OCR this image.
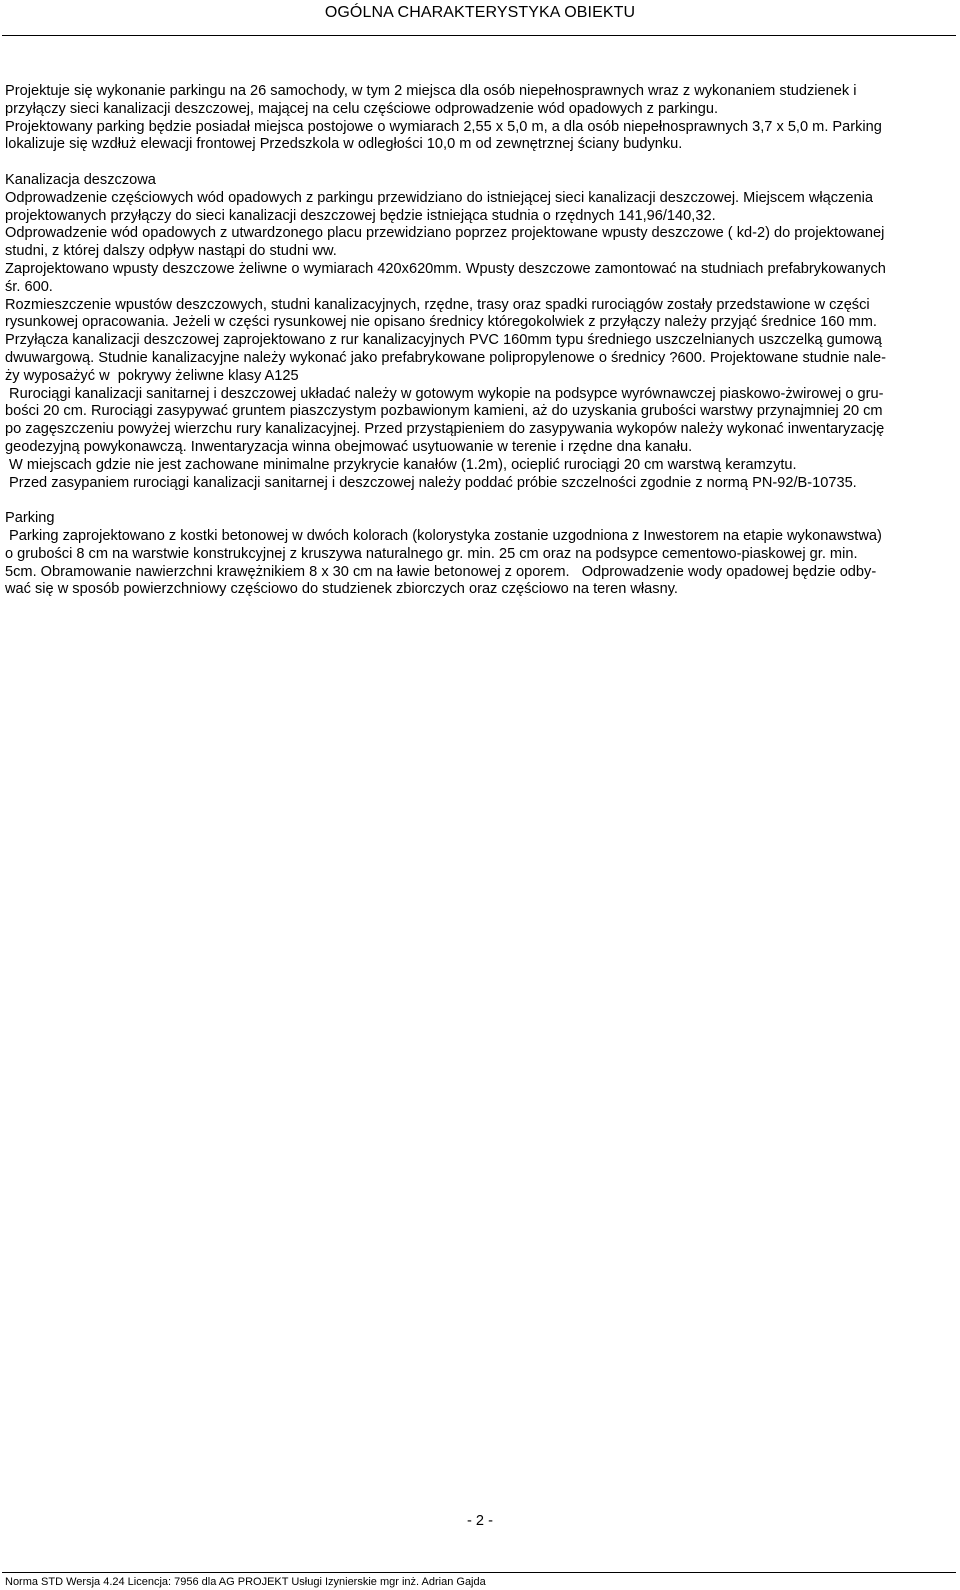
OGÓLNA CHARAKTERYSTYKA OBIEKTU

Projektuje się wykonanie parkingu na 26 samochody, w tym 2 miejsca dla osób niepełnosprawnych wraz z wykonaniem studzienek i

przyłączy sieci kanalizacji deszczowej, mającej na celu częściowe odprowadzenie wód opadowych z parkingu.

Projektowany parking będzie posiadał miejsca postojowe o wymiarach 2,55 x 5,0 m, a dla osób niepełnosprawnych 3,7 x 5,0 m. Parking

lokalizuje się wzdłuż elewacji frontowej Przedszkola w odległości 10,0 m od zewnętrznej ściany budynku.

Kanalizacja deszczowa

Odprowadzenie częściowych wód opadowych z parkingu przewidziano do istniejącej sieci kanalizacji deszczowej. Miejscem włączenia

projektowanych przyłączy do sieci kanalizacji deszczowej będzie istniejąca studnia o rzędnych 141,96/140,32.

Odprowadzenie wód opadowych z utwardzonego placu przewidziano poprzez projektowane wpusty deszczowe ( kd-2) do projektowanej

studni, z której dalszy odpływ nastąpi do studni ww.

Zaprojektowano wpusty deszczowe żeliwne o wymiarach 420x620mm. Wpusty deszczowe zamontować na studniach prefabrykowanych

śr. 600.

Rozmieszczenie wpustów deszczowych, studni kanalizacyjnych, rzędne, trasy oraz spadki rurociągów zostały przedstawione w części

rysunkowej opracowania. Jeżeli w części rysunkowej nie opisano średnicy któregokolwiek z przyłączy należy przyjąć średnice 160 mm.

Przyłącza kanalizacji deszczowej zaprojektowano z rur kanalizacyjnych PVC 160mm typu średniego uszczelnianych uszczelką gumową

dwuwargową. Studnie kanalizacyjne należy wykonać jako prefabrykowane polipropylenowe o średnicy ?600. Projektowane studnie nale-

ży wyposażyć w  pokrywy żeliwne klasy A125

Rurociągi kanalizacji sanitarnej i deszczowej układać należy w gotowym wykopie na podsypce wyrównawczej piaskowo-żwirowej o gru-

bości 20 cm. Rurociągi zasypywać gruntem piaszczystym pozbawionym kamieni, aż do uzyskania grubości warstwy przynajmniej 20 cm

po zagęszczeniu powyżej wierzchu rury kanalizacyjnej. Przed przystąpieniem do zasypywania wykopów należy wykonać inwentaryzację

geodezyjną powykonawczą. Inwentaryzacja winna obejmować usytuowanie w terenie i rzędne dna kanału.

W miejscach gdzie nie jest zachowane minimalne przykrycie kanałów (1.2m), ocieplić rurociągi 20 cm warstwą keramzytu.

Przed zasypaniem rurociągi kanalizacji sanitarnej i deszczowej należy poddać próbie szczelności zgodnie z normą PN-92/B-10735.

Parking

Parking zaprojektowano z kostki betonowej w dwóch kolorach (kolorystyka zostanie uzgodniona z Inwestorem na etapie wykonawstwa)

o grubości 8 cm na warstwie konstrukcyjnej z kruszywa naturalnego gr. min. 25 cm oraz na podsypce cementowo-piaskowej gr. min.

5cm. Obramowanie nawierzchni krawężnikiem 8 x 30 cm na ławie betonowej z oporem.   Odprowadzenie wody opadowej będzie odby-

wać się w sposób powierzchniowy częściowo do studzienek zbiorczych oraz częściowo na teren własny.

- 2 -
Norma STD Wersja 4.24 Licencja: 7956 dla AG PROJEKT Usługi Izynierskie mgr inż. Adrian Gajda
